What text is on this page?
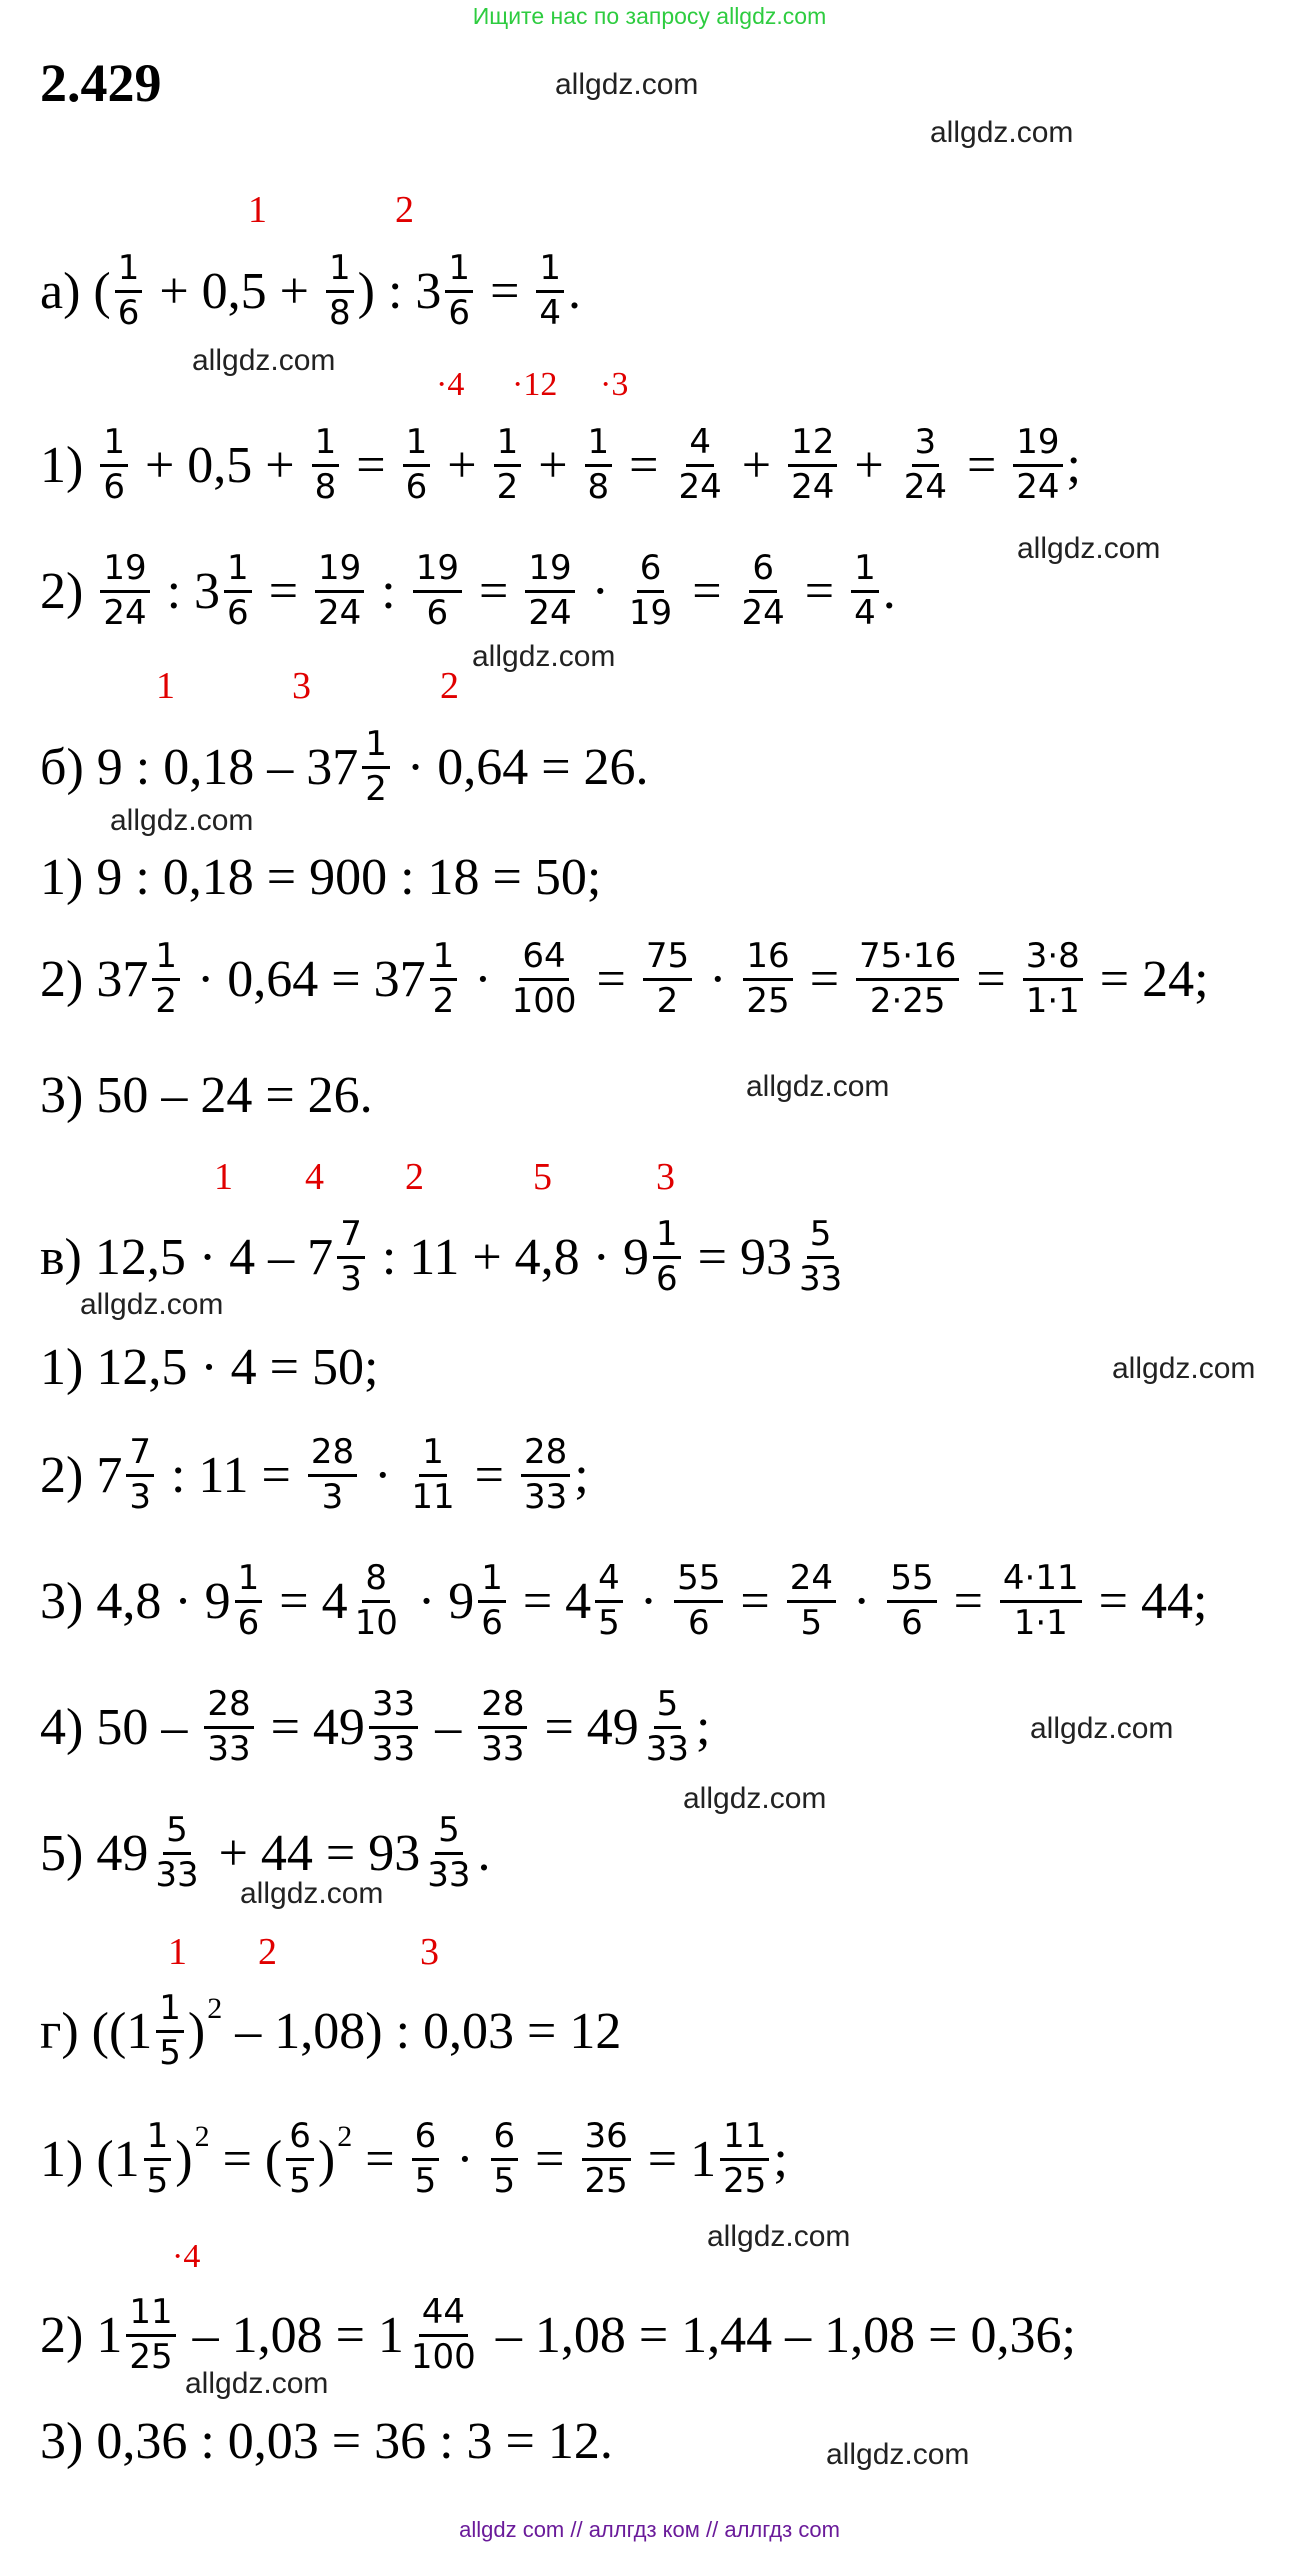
Ищите нас по запросу allgdz.com
2.429	allgdz.com
allgdz.com
allgdz.com
allgdz.com
allgdz.com
allgdz.com
allgdz.com
allgdz.com
allgdz.com
allgdz.com
allgdz.com
allgdz.com
allgdz.com
allgdz.com
allgdz.com
1	2
·4 ·12 ·3
1	3	2
1 4 2	5	3
1 2	3
·4
а) ( $\frac{1}{6} + 0,5 + \frac{1}{8}$ ) : $3 \frac{1}{6} = \frac{1}{4}$ .
$1) \frac{1}{6} + 0,5 + \frac{1}{8} = \frac{1}{6} + \frac{1}{2} + \frac{1}{8} = \frac{4}{24} + \frac{12}{24} + \frac{3}{24} = \frac{19}{24}$ ;
$2) \frac{19}{24}$ : $3 \frac{1}{6} = \frac{19}{24}$ : $\frac{19}{6} = \frac{19}{24} \cdot \frac{6}{19} = \frac{6}{24} = \frac{1}{4}$ .
б) 9 : $0,18 - 37 \frac{1}{2} \cdot 0,64 = 26$.
1) 9 : 0,18 = 900 : 18 = 50;
2) $37 \frac{1}{2} \cdot 0,64 = 37 \frac{1}{2} \cdot \frac{64}{100} = \frac{75}{2} \cdot \frac{16}{25} = \frac{75\cdot 16}{2\cdot 25} = \frac{3\cdot 8}{1\cdot 1} = 24$;
3) 50 – 24 = 26.
в) $12,5 \cdot 4 - 7 \frac{7}{3}$ : $11 + 4,8 \cdot 9 \frac{1}{6} = 93 \frac{5}{33}$
1) 12,5 · 4 = 50;
2) $7 \frac{7}{3}$ : $11 = \frac{28}{3} \cdot \frac{1}{11} = \frac{28}{33}$ ;
3) $4,8 \cdot 9 \frac{1}{6} = 4 \frac{8}{10} \cdot 9 \frac{1}{6} = 4 \frac{4}{5} \cdot \frac{55}{6} = \frac{24}{5} \cdot \frac{55}{6} = \frac{4\cdot 11}{1\cdot 1} = 44$;
4) $50 - \frac{28}{33} = 49 \frac{33}{33} - \frac{28}{33} = 49 \frac{5}{33}$ ;
5) $49 \frac{5}{33} + 44 = 93 \frac{5}{33}$ .
г) (($1 \frac{1}{5}$ ) 2 – 1,08) : 0,03 = 12
1) ($1 \frac{1}{5}$ ) 2 = ( $\frac{6}{5}$ ) $2 = \frac{6}{5} \cdot \frac{6}{5} = \frac{36}{25} = 1 \frac{11}{25}$ ;
2) $1 \frac{11}{25} - 1,08 = 1 \frac{44}{100} - 1,08 = 1,44 - 1,08 = 0,36$;
3) 0,36 : 0,03 = 36 : 3 = 12.
allgdz com // аллгдз ком // аллгдз com
